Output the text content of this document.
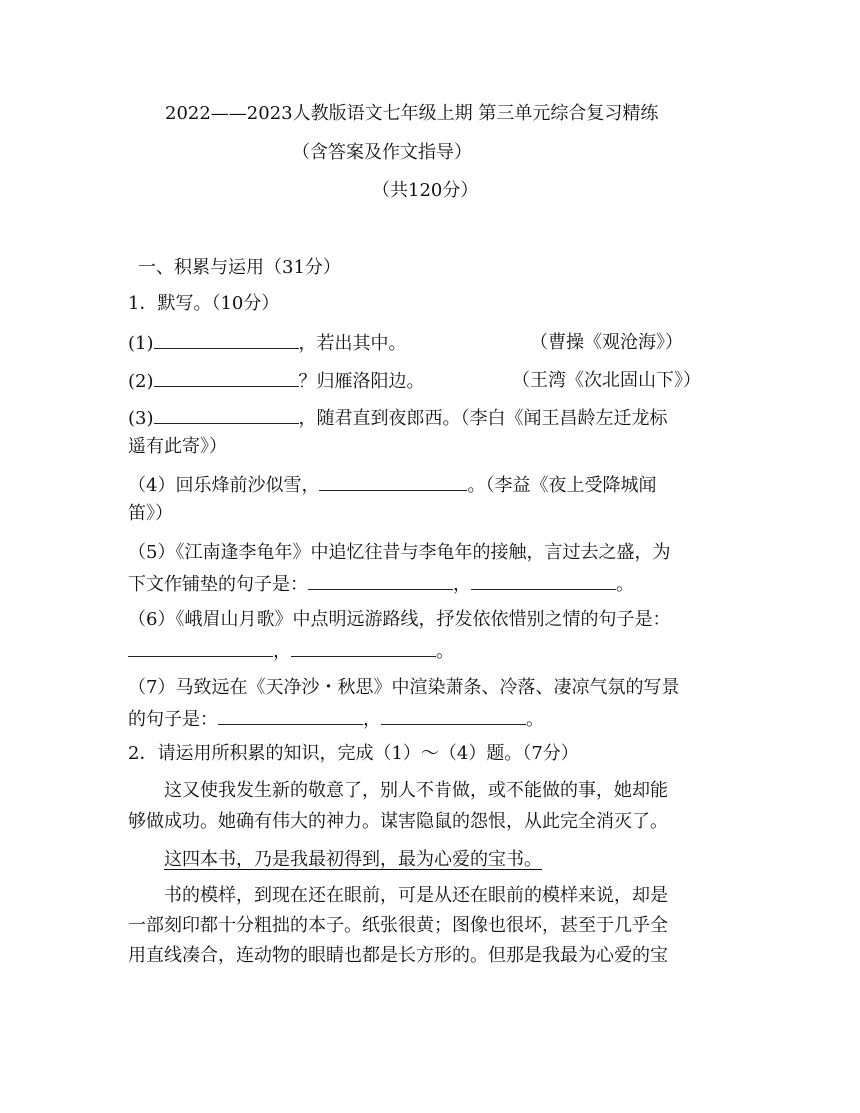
2022——2023人教版语文七年级上期 第三单元综合复习精练
（含答案及作文指导）
（共120分）
一、积累与运用（31分）
1．默写。（10分）
(1)	，若出其中。	（曹操《观沧海》）
(2)	？归雁洛阳边。	（王湾《次北固山下》）
(3)	，随君直到夜郎西。（李白《闻王昌龄左迁龙标
遥有此寄》）
（4）回乐烽前沙似雪，	。（李益《夜上受降城闻
笛》）
（5）《江南逢李龟年》中追忆往昔与李龟年的接触，言过去之盛，为
下文作铺垫的句子是：	，	。
（6）《峨眉山月歌》中点明远游路线，抒发依依惜别之情的句子是：
，	。
（7）马致远在《天净沙・秋思》中渲染萧条、冷落、凄凉气氛的写景
的句子是：	，	。
2．请运用所积累的知识，完成（1）～（4）题。（7分）
这又使我发生新的敬意了，别人不肯做，或不能做的事，她却能
够做成功。她确有伟大的神力。谋害隐鼠的怨恨，从此完全消灭了。
这四本书，乃是我最初得到，最为心爱的宝书。
书的模样，到现在还在眼前，可是从还在眼前的模样来说，却是
一部刻印都十分粗拙的本子。纸张很黄；图像也很坏，甚至于几乎全
用直线凑合，连动物的眼睛也都是长方形的。但那是我最为心爱的宝
